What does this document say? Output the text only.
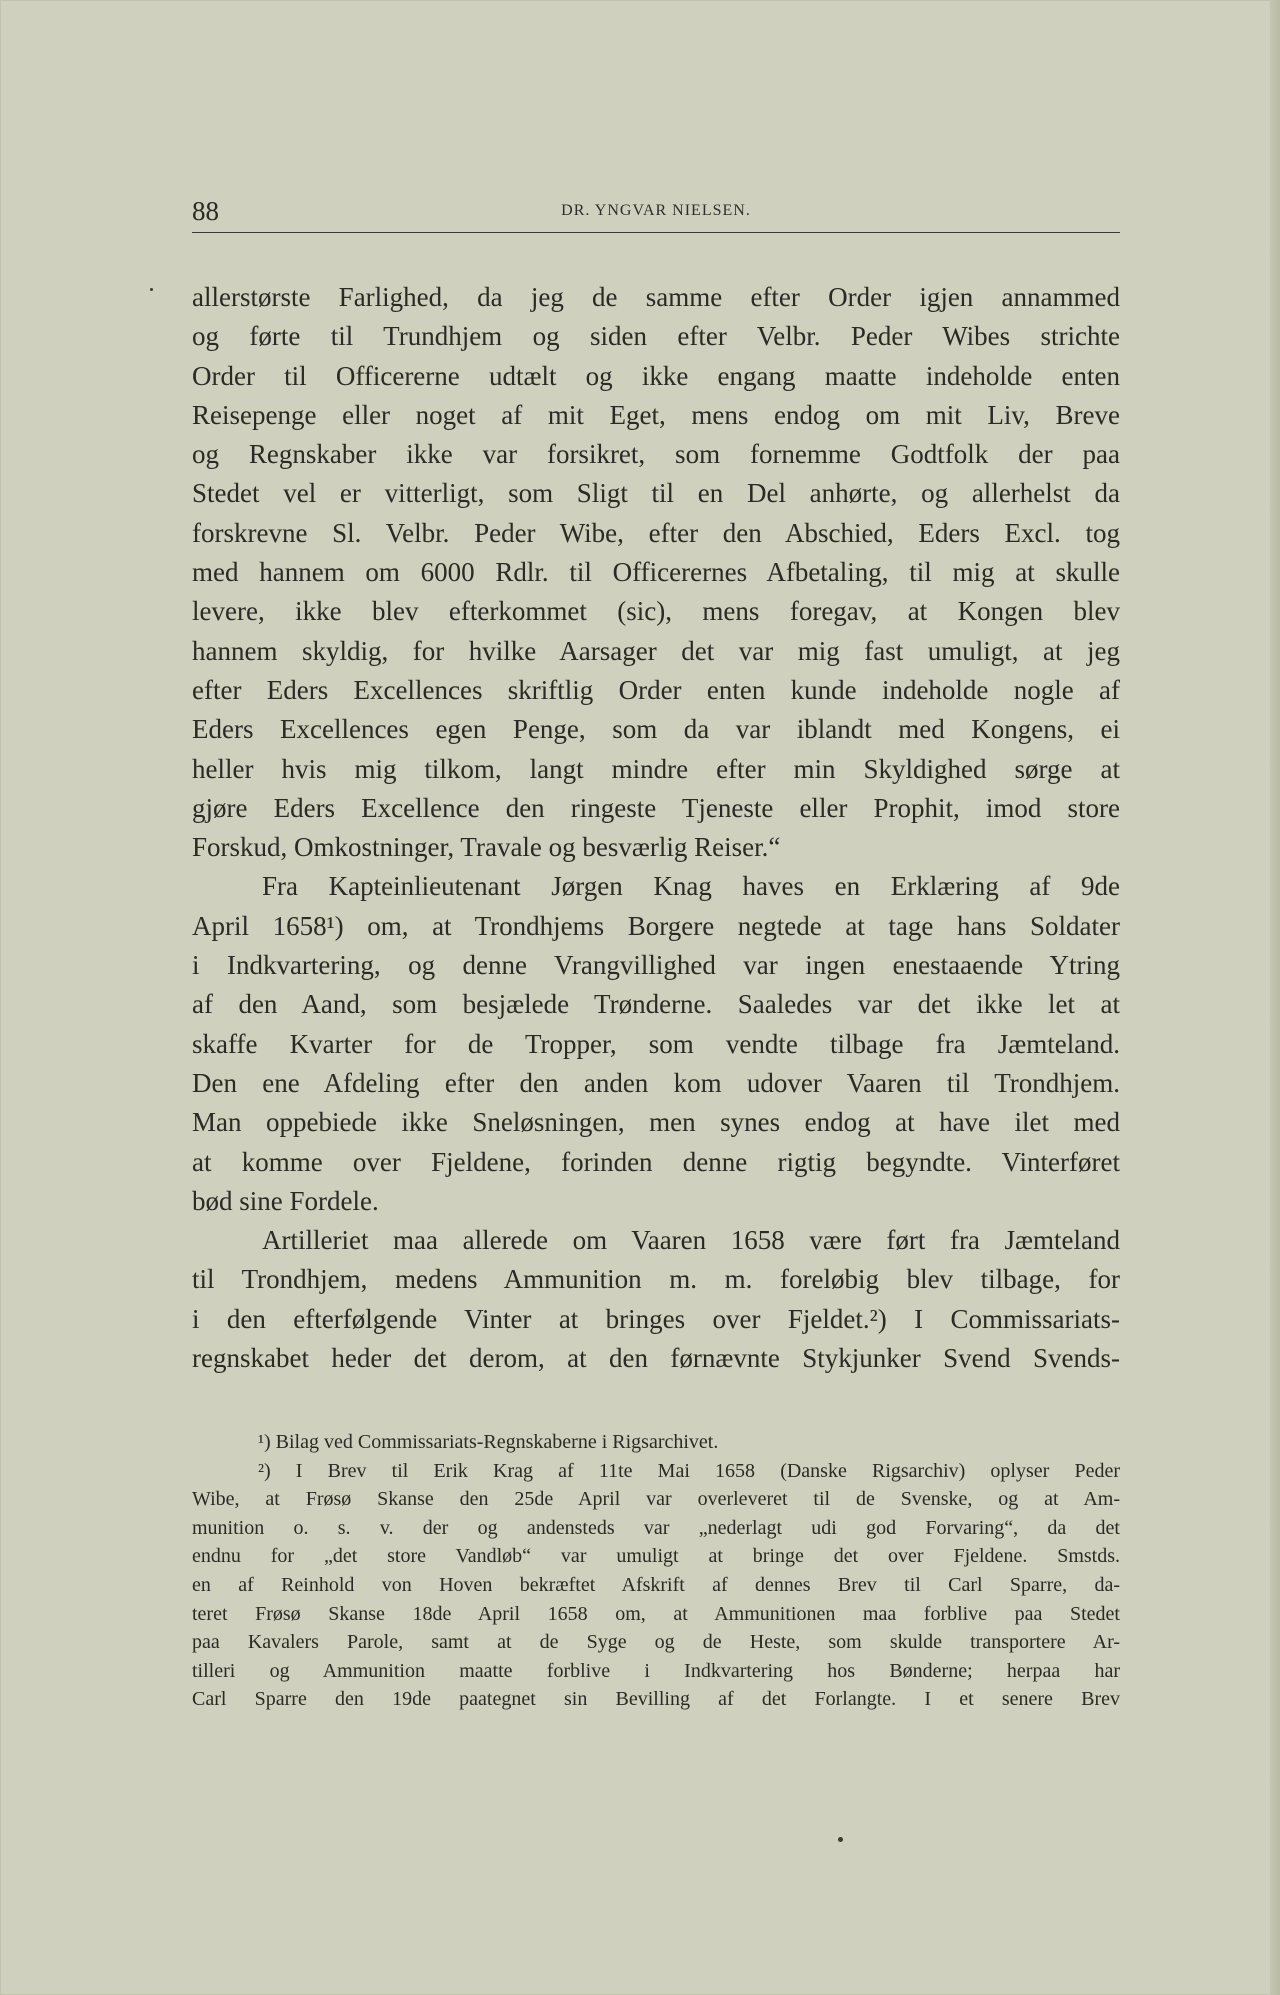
88	DR. YNGVAR NIELSEN.

allerstørste Farlighed, da jeg de samme efter Order igjen annammed
og førte til Trundhjem og siden efter Velbr. Peder Wibes strichte
Order til Officererne udtælt og ikke engang maatte indeholde enten
Reisepenge eller noget af mit Eget, mens endog om mit Liv, Breve
og Regnskaber ikke var forsikret, som fornemme Godtfolk der paa
Stedet vel er vitterligt, som Sligt til en Del anhørte, og allerhelst da
forskrevne Sl. Velbr. Peder Wibe, efter den Abschied, Eders Excl. tog
med hannem om 6000 Rdlr. til Officerernes Afbetaling, til mig at skulle
levere, ikke blev efterkommet (sic), mens foregav, at Kongen blev
hannem skyldig, for hvilke Aarsager det var mig fast umuligt, at jeg
efter Eders Excellences skriftlig Order enten kunde indeholde nogle af
Eders Excellences egen Penge, som da var iblandt med Kongens, ei
heller hvis mig tilkom, langt mindre efter min Skyldighed sørge at
gjøre Eders Excellence den ringeste Tjeneste eller Prophit, imod store
Forskud, Omkostninger, Travale og besværlig Reiser.“

Fra Kapteinlieutenant Jørgen Knag haves en Erklæring af 9de
April 1658¹) om, at Trondhjems Borgere negtede at tage hans Soldater
i Indkvartering, og denne Vrangvillighed var ingen enestaaende Ytring
af den Aand, som besjælede Trønderne. Saaledes var det ikke let at
skaffe Kvarter for de Tropper, som vendte tilbage fra Jæmteland.
Den ene Afdeling efter den anden kom udover Vaaren til Trondhjem.
Man oppebiede ikke Sneløsningen, men synes endog at have ilet med
at komme over Fjeldene, forinden denne rigtig begyndte. Vinterføret
bød sine Fordele.

Artilleriet maa allerede om Vaaren 1658 være ført fra Jæmteland
til Trondhjem, medens Ammunition m. m. foreløbig blev tilbage, for
i den efterfølgende Vinter at bringes over Fjeldet.²) I Commissariats-
regnskabet heder det derom, at den førnævnte Stykjunker Svend Svends-

¹) Bilag ved Commissariats-Regnskaberne i Rigsarchivet.
²) I Brev til Erik Krag af 11te Mai 1658 (Danske Rigsarchiv) oplyser Peder
Wibe, at Frøsø Skanse den 25de April var overleveret til de Svenske, og at Am-
munition o. s. v. der og andensteds var „nederlagt udi god Forvaring“, da det
endnu for „det store Vandløb“ var umuligt at bringe det over Fjeldene. Smstds.
en af Reinhold von Hoven bekræftet Afskrift af dennes Brev til Carl Sparre, da-
teret Frøsø Skanse 18de April 1658 om, at Ammunitionen maa forblive paa Stedet
paa Kavalers Parole, samt at de Syge og de Heste, som skulde transportere Ar-
tilleri og Ammunition maatte forblive i Indkvartering hos Bønderne; herpaa har
Carl Sparre den 19de paategnet sin Bevilling af det Forlangte. I et senere Brev
